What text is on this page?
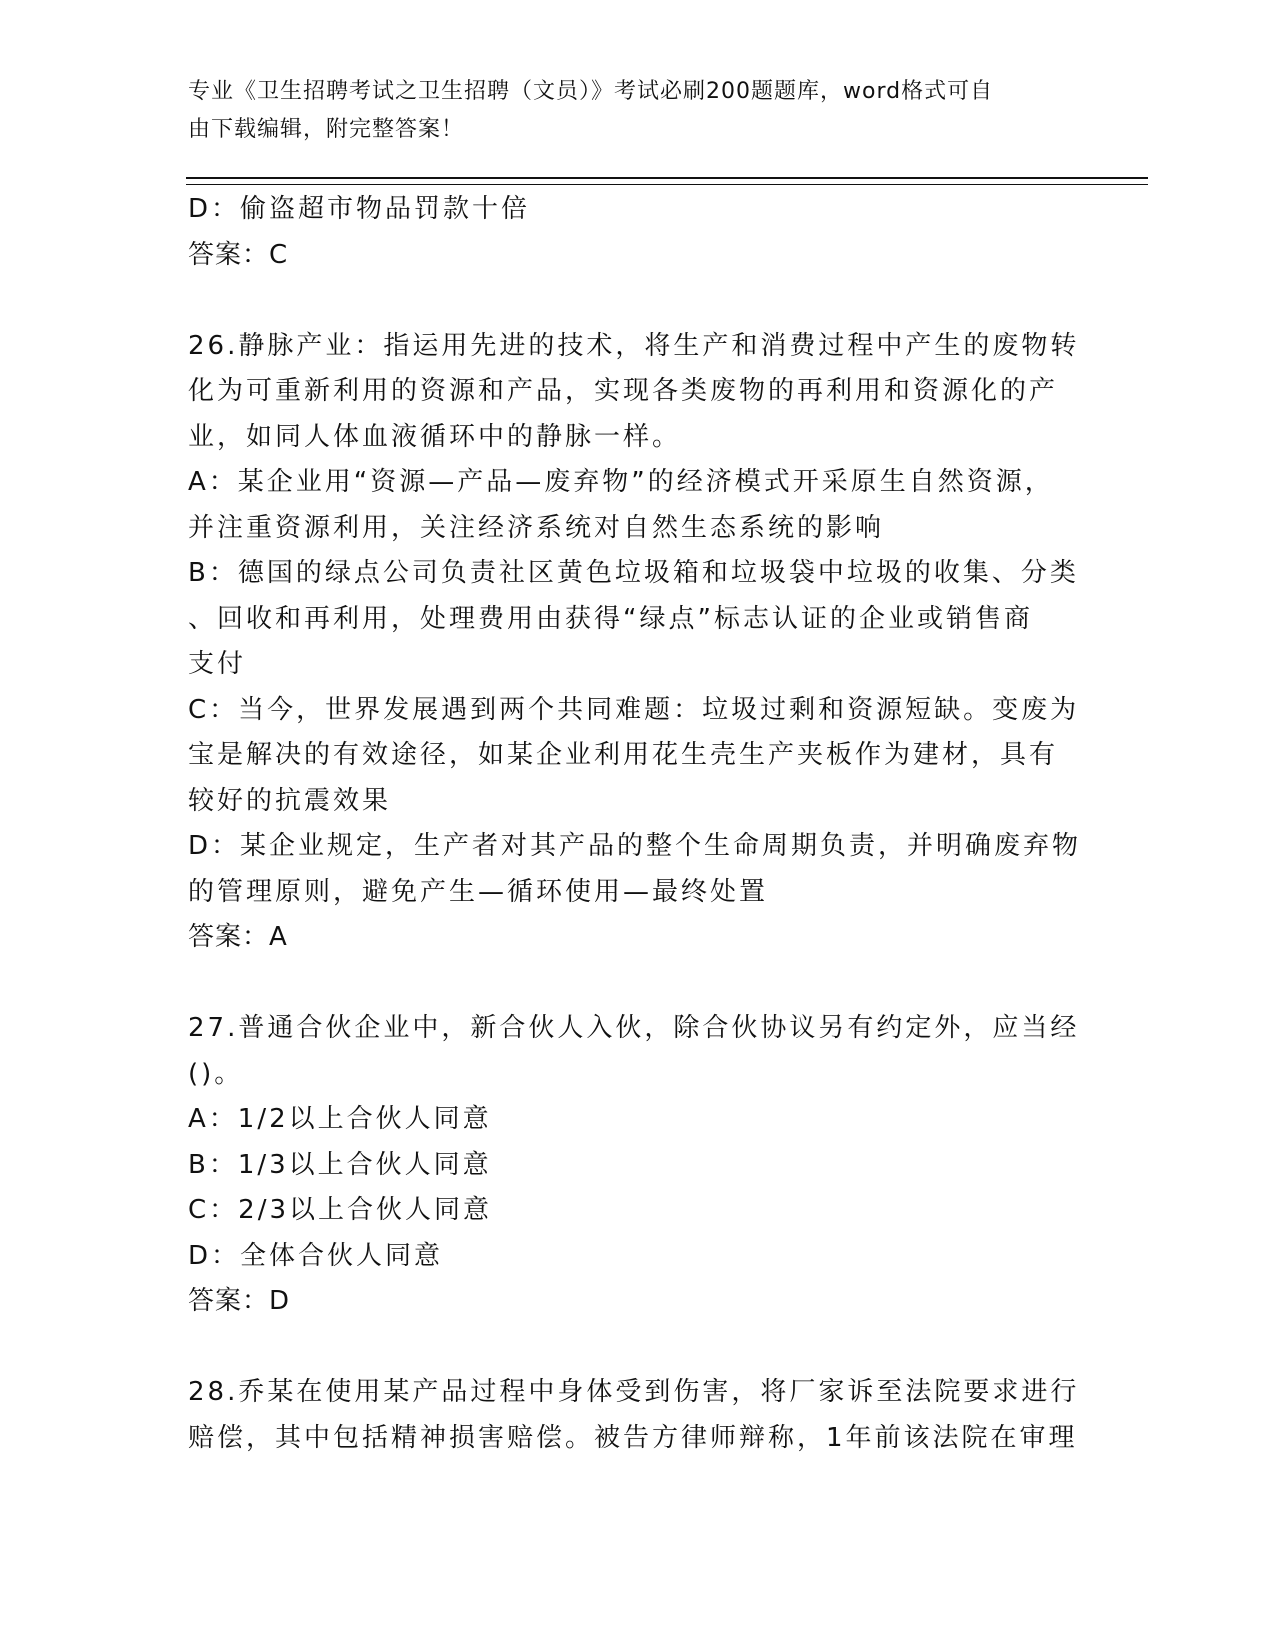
专业《卫生招聘考试之卫生招聘（文员）》考试必刷200题题库，word格式可自
由下载编辑，附完整答案！
D：偷盗超市物品罚款十倍
答案：C
26.静脉产业：指运用先进的技术，将生产和消费过程中产生的废物转
化为可重新利用的资源和产品，实现各类废物的再利用和资源化的产
业，如同人体血液循环中的静脉一样。
A：某企业用“资源—产品—废弃物”的经济模式开采原生自然资源，
并注重资源利用，关注经济系统对自然生态系统的影响
B：德国的绿点公司负责社区黄色垃圾箱和垃圾袋中垃圾的收集、分类
、回收和再利用，处理费用由获得“绿点”标志认证的企业或销售商
支付
C：当今，世界发展遇到两个共同难题：垃圾过剩和资源短缺。变废为
宝是解决的有效途径，如某企业利用花生壳生产夹板作为建材，具有
较好的抗震效果
D：某企业规定，生产者对其产品的整个生命周期负责，并明确废弃物
的管理原则，避免产生—循环使用—最终处置
答案：A
27.普通合伙企业中，新合伙人入伙，除合伙协议另有约定外，应当经
()。
A：1/2以上合伙人同意
B：1/3以上合伙人同意
C：2/3以上合伙人同意
D：全体合伙人同意
答案：D
28.乔某在使用某产品过程中身体受到伤害，将厂家诉至法院要求进行
赔偿，其中包括精神损害赔偿。被告方律师辩称，1年前该法院在审理
